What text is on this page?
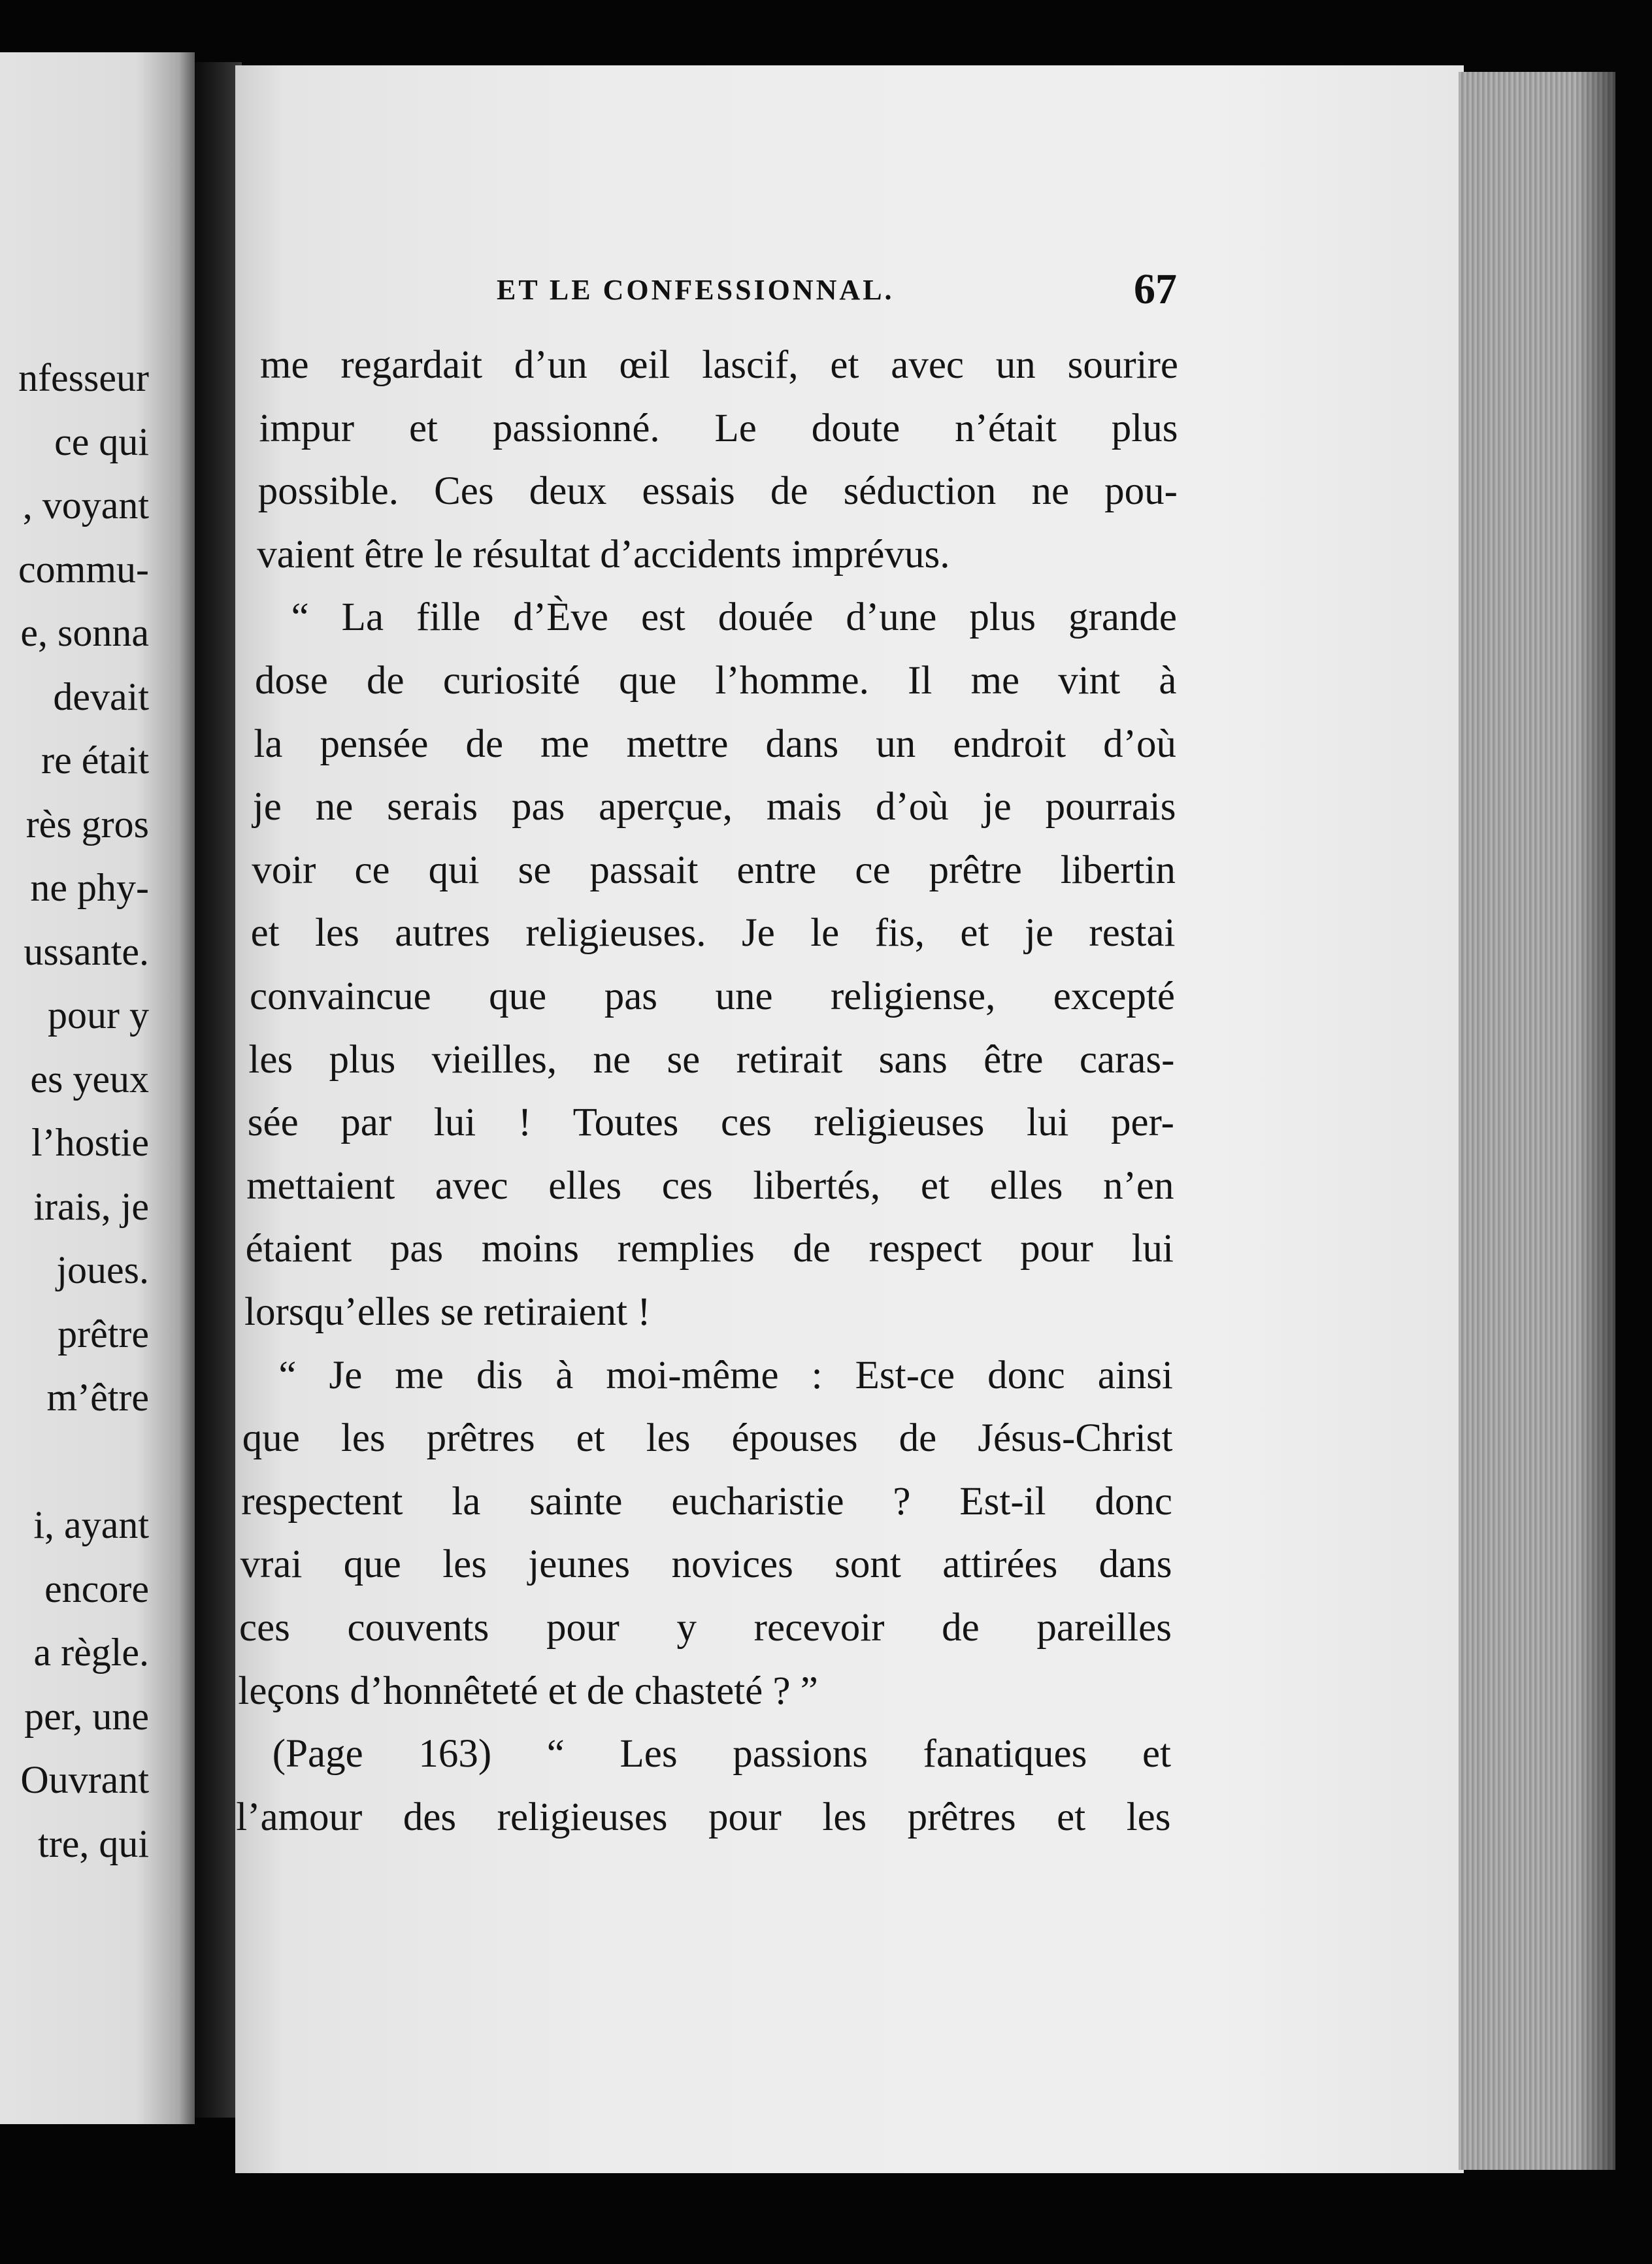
nfesseur
ce qui
, voyant
commu-
e, sonna
devait
re était
rès gros
ne phy-
ussante.
pour y
es yeux
l’hostie
irais, je
joues.
prêtre
m’être
i, ayant
encore
a règle.
per, une
Ouvrant
tre, qui
ET LE CONFESSIONNAL.	67
me regardait d’un œil lascif, et avec un sourire
impur et passionné. Le doute n’était plus
possible. Ces deux essais de séduction ne pou-
vaient être le résultat d’accidents imprévus.
“ La fille d’Ève est douée d’une plus grande
dose de curiosité que l’homme. Il me vint à
la pensée de me mettre dans un endroit d’où
je ne serais pas aperçue, mais d’où je pourrais
voir ce qui se passait entre ce prêtre libertin
et les autres religieuses. Je le fis, et je restai
convaincue que pas une religiense, excepté
les plus vieilles, ne se retirait sans être caras-
sée par lui ! Toutes ces religieuses lui per-
mettaient avec elles ces libertés, et elles n’en
étaient pas moins remplies de respect pour lui
lorsqu’elles se retiraient !
“ Je me dis à moi-même : Est-ce donc ainsi
que les prêtres et les épouses de Jésus-Christ
respectent la sainte eucharistie ? Est-il donc
vrai que les jeunes novices sont attirées dans
ces couvents pour y recevoir de pareilles
leçons d’honnêteté et de chasteté ? ”
(Page 163) “ Les passions fanatiques et
l’amour des religieuses pour les prêtres et les
